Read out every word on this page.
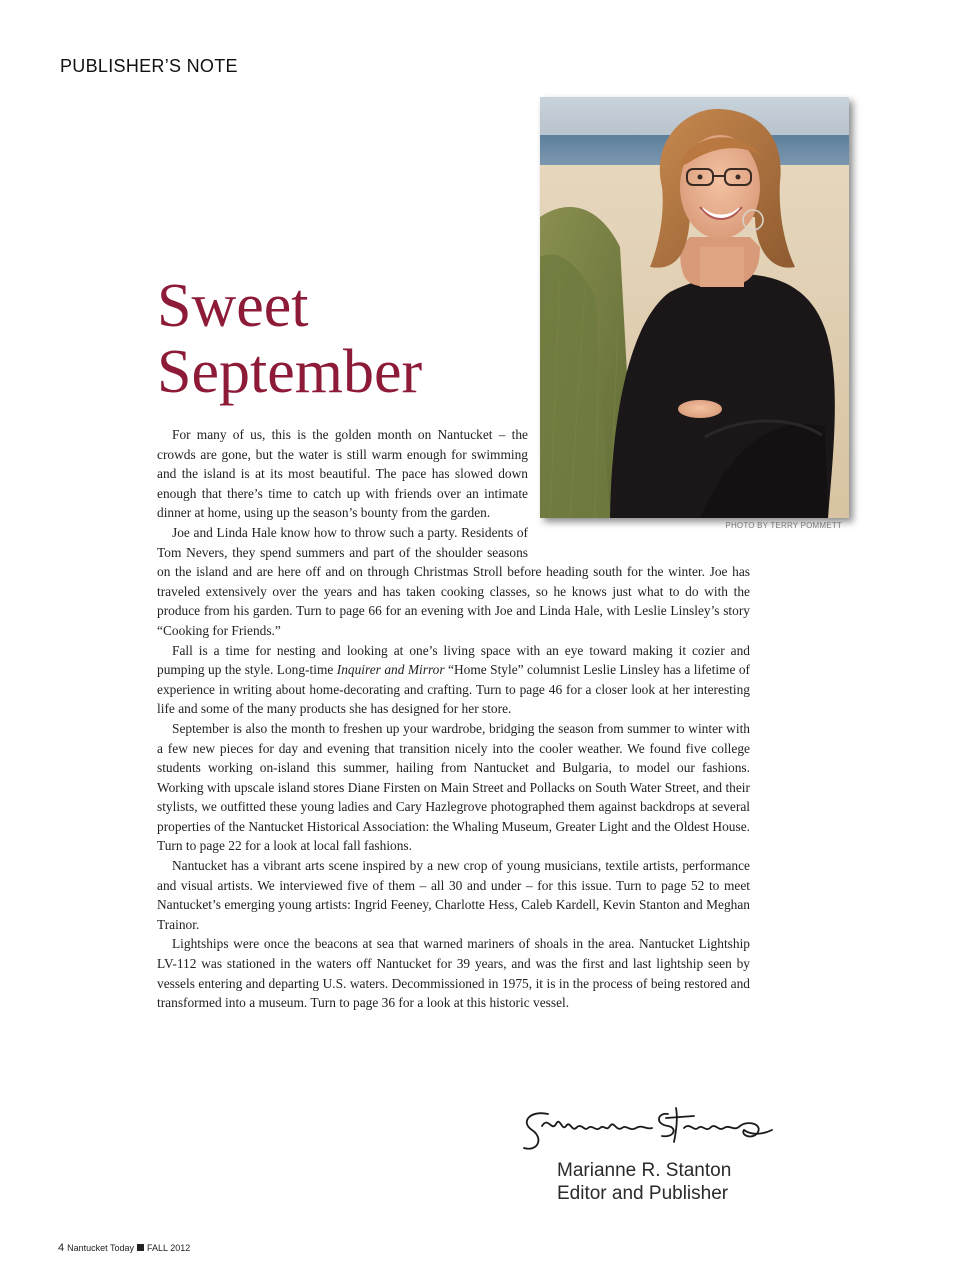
PUBLISHER’S NOTE
PHOTO BY TERRY POMMETT
Sweet
September

For many of us, this is the golden month on Nantucket – the crowds are gone, but the water is still warm enough for swimming and the island is at its most beautiful. The pace has slowed down enough that there’s time to catch up with friends over an intimate dinner at home, using up the season’s bounty from the garden.

Joe and Linda Hale know how to throw such a party. Residents of Tom Nevers, they spend summers and part of the shoulder seasons on the island and are here off and on through Christmas Stroll before heading south for the winter. Joe has traveled extensively over the years and has taken cooking classes, so he knows just what to do with the produce from his garden. Turn to page 66 for an evening with Joe and Linda Hale, with Leslie Linsley’s story “Cooking for Friends.”

Fall is a time for nesting and looking at one’s living space with an eye toward making it cozier and pumping up the style. Long-time Inquirer and Mirror “Home Style” columnist Leslie Linsley has a lifetime of experience in writing about home-decorating and crafting. Turn to page 46 for a closer look at her interesting life and some of the many products she has designed for her store.

September is also the month to freshen up your wardrobe, bridging the season from summer to winter with a few new pieces for day and evening that transition nicely into the cooler weather. We found five college students working on-island this summer, hailing from Nantucket and Bulgaria, to model our fashions. Working with upscale island stores Diane Firsten on Main Street and Pollacks on South Water Street, and their stylists, we outfitted these young ladies and Cary Hazlegrove photographed them against backdrops at several properties of the Nantucket Historical Association: the Whaling Museum, Greater Light and the Oldest House. Turn to page 22 for a look at local fall fashions.

Nantucket has a vibrant arts scene inspired by a new crop of young musicians, textile artists, performance and visual artists. We interviewed five of them – all 30 and under – for this issue. Turn to page 52 to meet Nantucket’s emerging young artists: Ingrid Feeney, Charlotte Hess, Caleb Kardell, Kevin Stanton and Meghan Trainor.

Lightships were once the beacons at sea that warned mariners of shoals in the area. Nantucket Lightship LV-112 was stationed in the waters off Nantucket for 39 years, and was the first and last lightship seen by vessels entering and departing U.S. waters. Decommissioned in 1975, it is in the process of being restored and transformed into a museum. Turn to page 36 for a look at this historic vessel.

Marianne R. Stanton
Editor and Publisher
4 Nantucket Today FALL 2012
